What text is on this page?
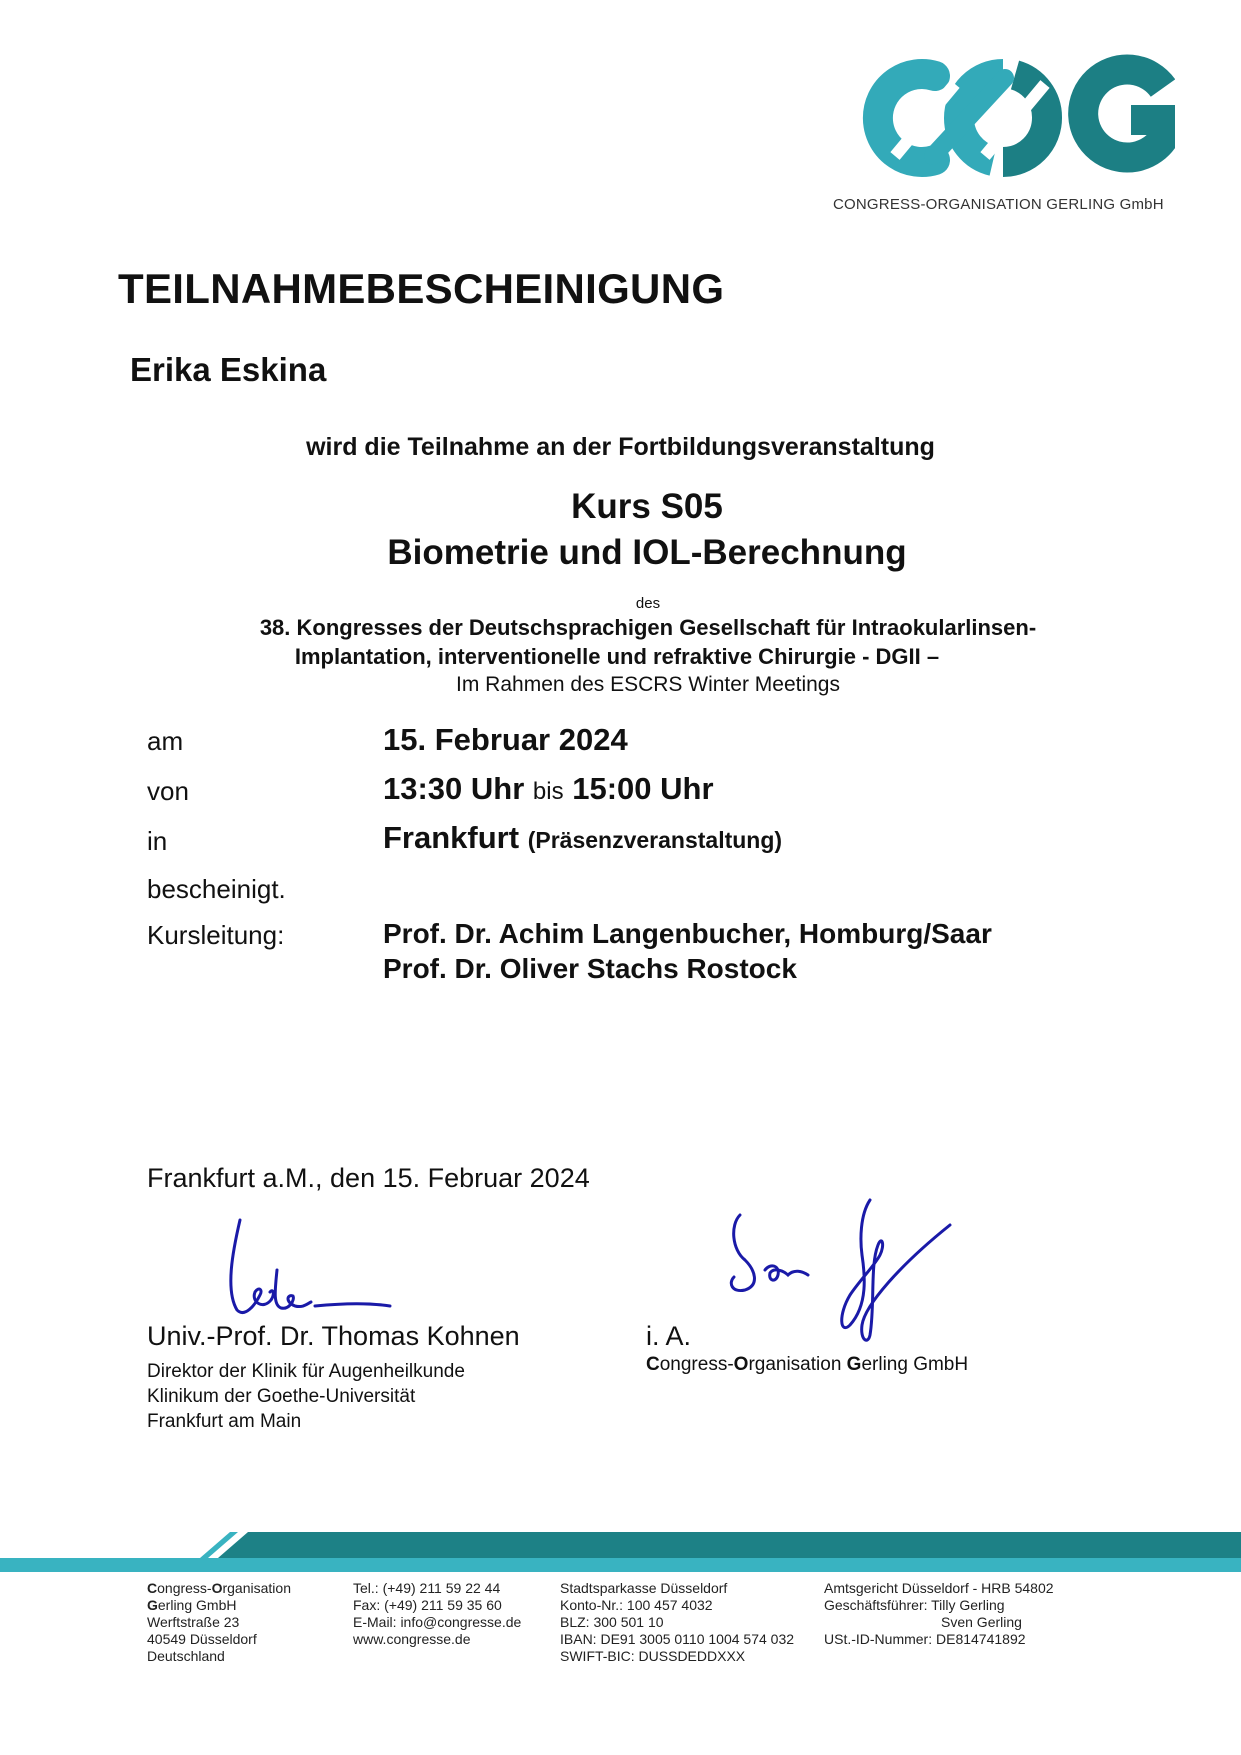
CONGRESS-ORGANISATION GERLING GmbH
TEILNAHMEBESCHEINIGUNG
Erika Eskina
wird die Teilnahme an der Fortbildungsveranstaltung
Kurs S05
Biometrie und IOL-Berechnung
des
38. Kongresses der Deutschsprachigen Gesellschaft für Intraokularlinsen-
Implantation, interventionelle und refraktive Chirurgie - DGII –
Im Rahmen des ESCRS Winter Meetings
am	15. Februar 2024
von	13:30 Uhr bis 15:00 Uhr
in	Frankfurt (Präsenzveranstaltung)
bescheinigt.
Kursleitung:	Prof. Dr. Achim Langenbucher, Homburg/Saar
Prof. Dr. Oliver Stachs Rostock
Frankfurt a.M., den 15. Februar 2024
Univ.-Prof. Dr. Thomas Kohnen
Direktor der Klinik für Augenheilkunde
Klinikum der Goethe-Universität
Frankfurt am Main
i. A.
Congress-Organisation Gerling GmbH
Congress-Organisation
Gerling GmbH
Werftstraße 23
40549 Düsseldorf
Deutschland
Tel.: (+49) 211 59 22 44
Fax: (+49) 211 59 35 60
E-Mail: info@congresse.de
www.congresse.de
Stadtsparkasse Düsseldorf
Konto-Nr.: 100 457 4032
BLZ: 300 501 10
IBAN: DE91 3005 0110 1004 574 032
SWIFT-BIC: DUSSDEDDXXX
Amtsgericht Düsseldorf - HRB 54802
Geschäftsführer: Tilly Gerling
Sven Gerling
USt.-ID-Nummer: DE814741892
